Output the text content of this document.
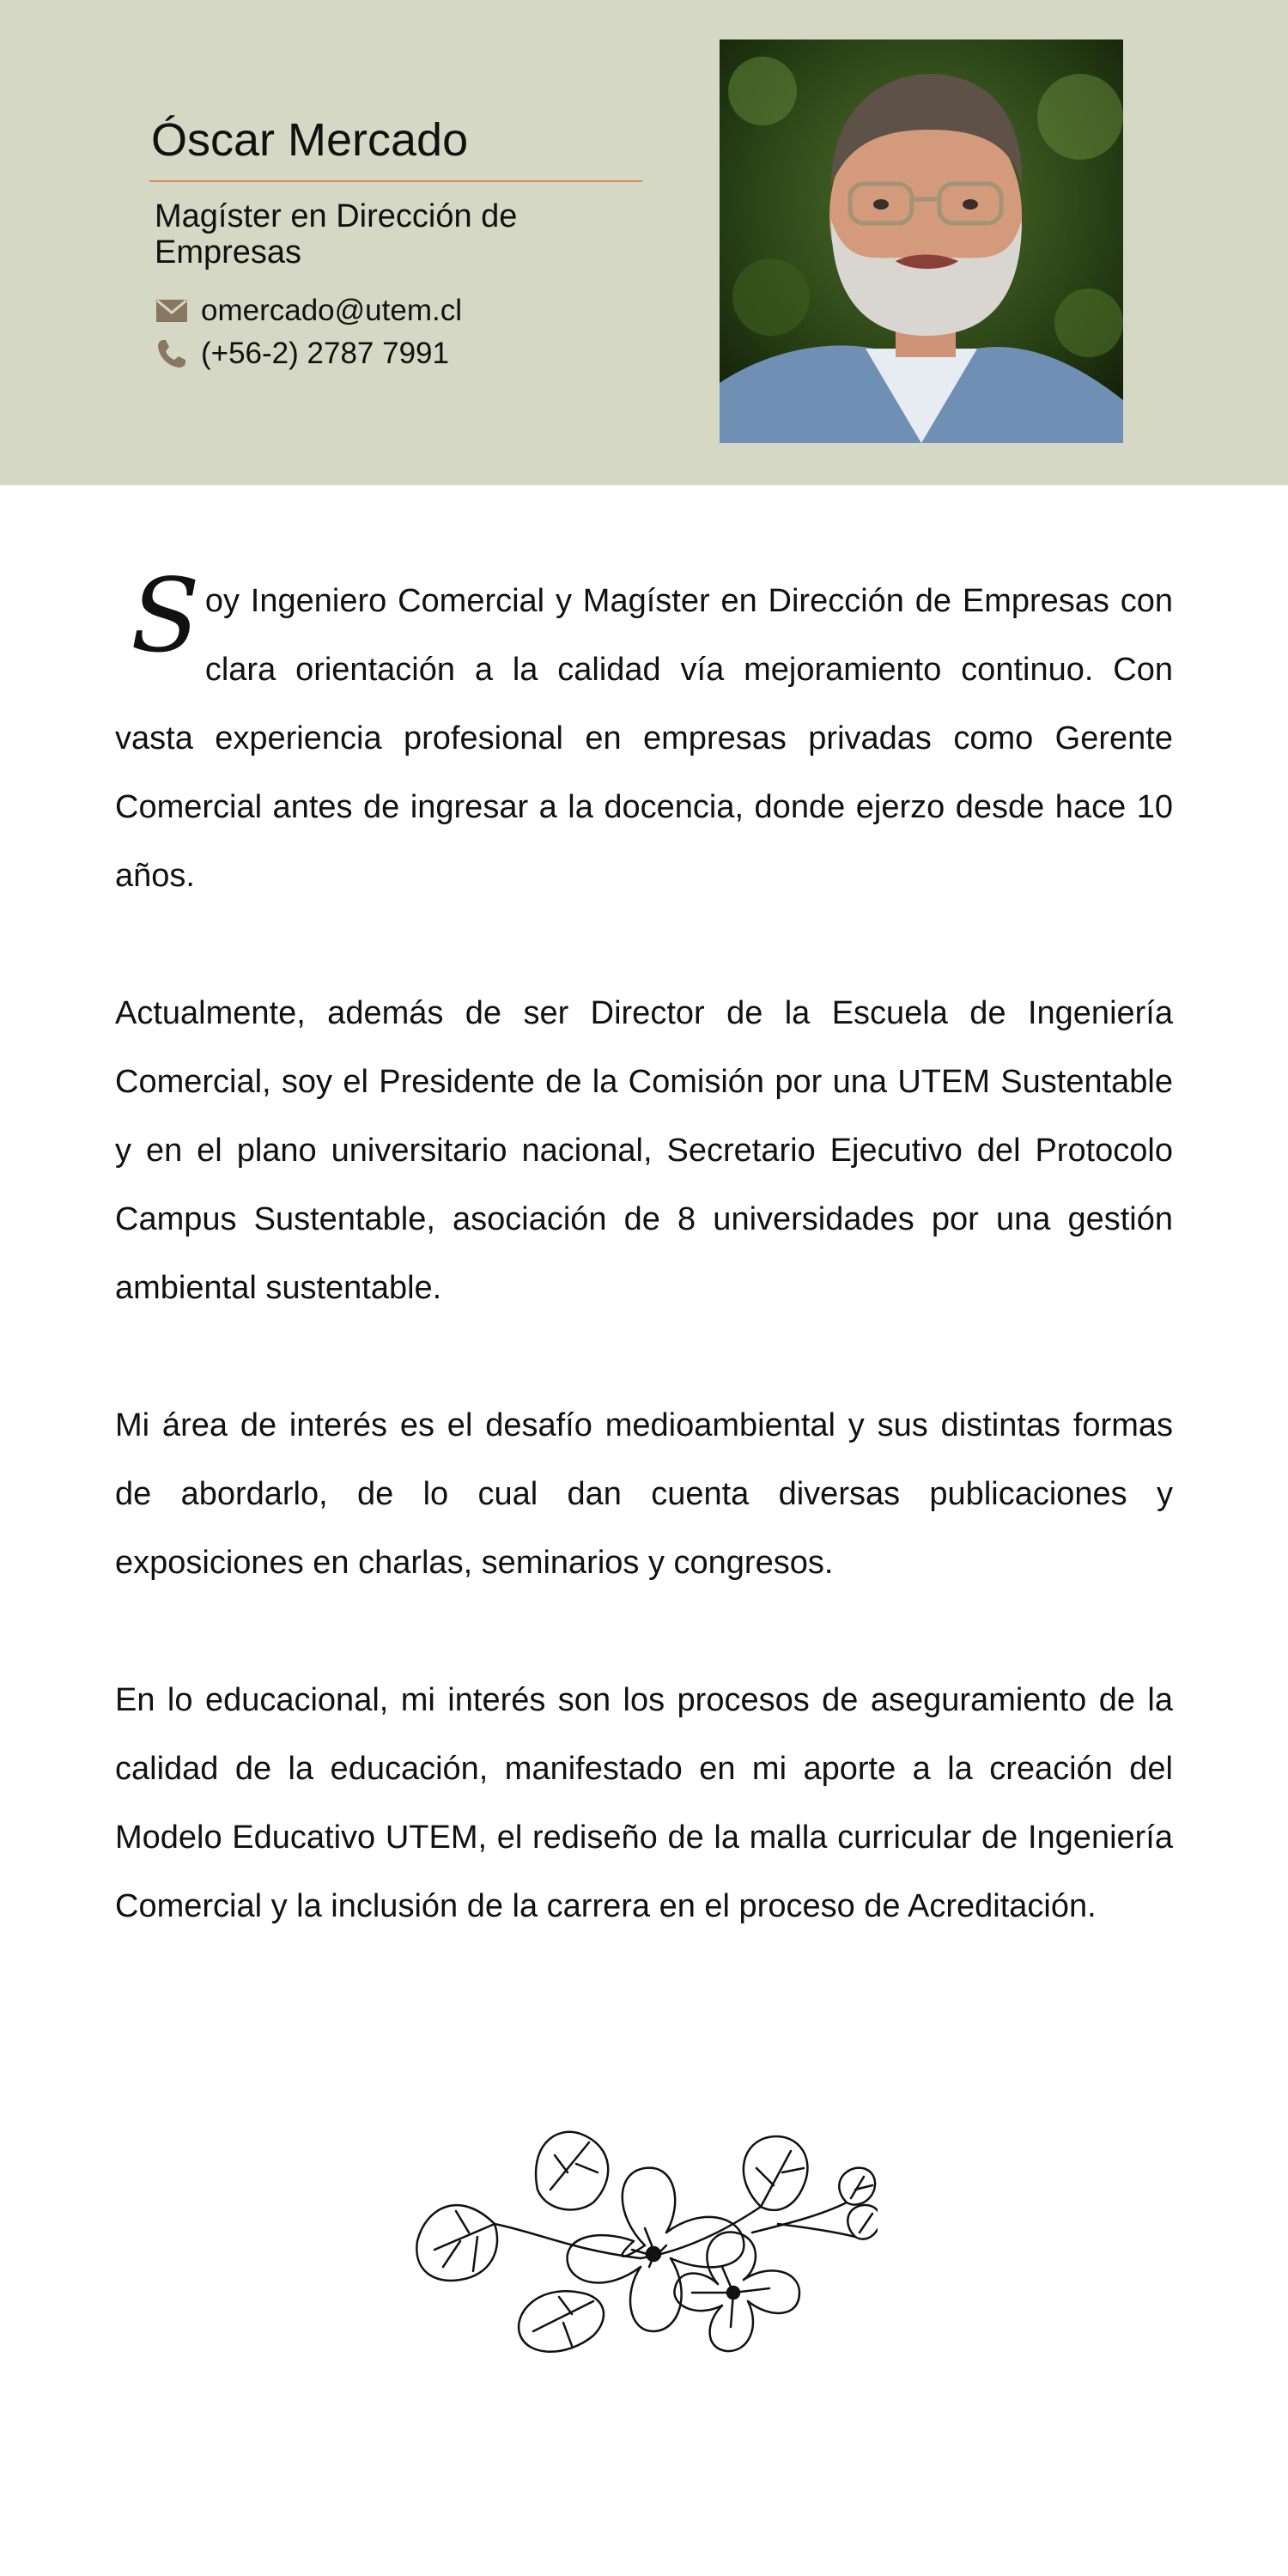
Óscar Mercado
Magíster en Dirección de Empresas
omercado@utem.cl
(+56-2) 2787 7991

Soy Ingeniero Comercial y Magíster en Dirección de Empresas con clara orientación a la calidad vía mejoramiento continuo. Con vasta experiencia profesional en empresas privadas como Gerente Comercial antes de ingresar a la docencia, donde ejerzo desde hace 10 años.

Actualmente, además de ser Director de la Escuela de Ingeniería Comercial, soy el Presidente de la Comisión por una UTEM Sustentable y en el plano universitario nacional, Secretario Ejecutivo del Protocolo Campus Sustentable, asociación de 8 universidades por una gestión ambiental sustentable.

Mi área de interés es el desafío medioambiental y sus distintas formas de abordarlo, de lo cual dan cuenta diversas publicaciones y exposiciones en charlas, seminarios y congresos.

En lo educacional, mi interés son los procesos de aseguramiento de la calidad de la educación, manifestado en mi aporte a la creación del Modelo Educativo UTEM, el rediseño de la malla curricular de Ingeniería Comercial y la inclusión de la carrera en el proceso de Acreditación.
